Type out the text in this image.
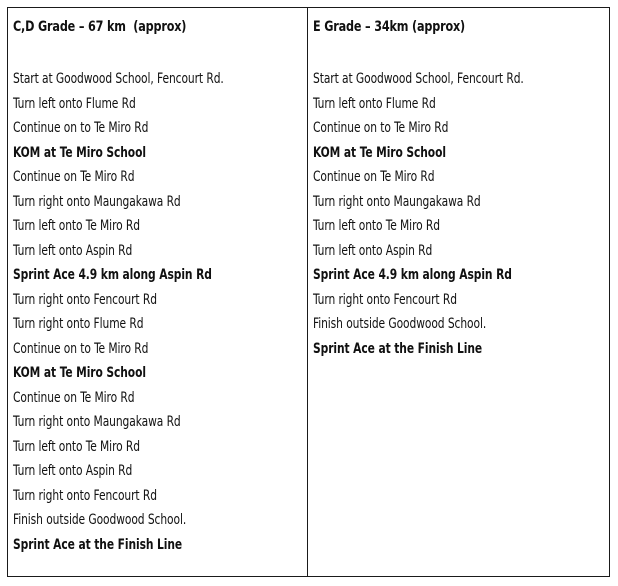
C,D Grade – 67 km  (approx)
Start at Goodwood School, Fencourt Rd.
Turn left onto Flume Rd
Continue on to Te Miro Rd
KOM at Te Miro School
Continue on Te Miro Rd
Turn right onto Maungakawa Rd
Turn left onto Te Miro Rd
Turn left onto Aspin Rd
Sprint Ace 4.9 km along Aspin Rd
Turn right onto Fencourt Rd
Turn right onto Flume Rd
Continue on to Te Miro Rd
KOM at Te Miro School
Continue on Te Miro Rd
Turn right onto Maungakawa Rd
Turn left onto Te Miro Rd
Turn left onto Aspin Rd
Turn right onto Fencourt Rd
Finish outside Goodwood School.
Sprint Ace at the Finish Line
E Grade – 34km (approx)
Start at Goodwood School, Fencourt Rd.
Turn left onto Flume Rd
Continue on to Te Miro Rd
KOM at Te Miro School
Continue on Te Miro Rd
Turn right onto Maungakawa Rd
Turn left onto Te Miro Rd
Turn left onto Aspin Rd
Sprint Ace 4.9 km along Aspin Rd
Turn right onto Fencourt Rd
Finish outside Goodwood School.
Sprint Ace at the Finish Line
